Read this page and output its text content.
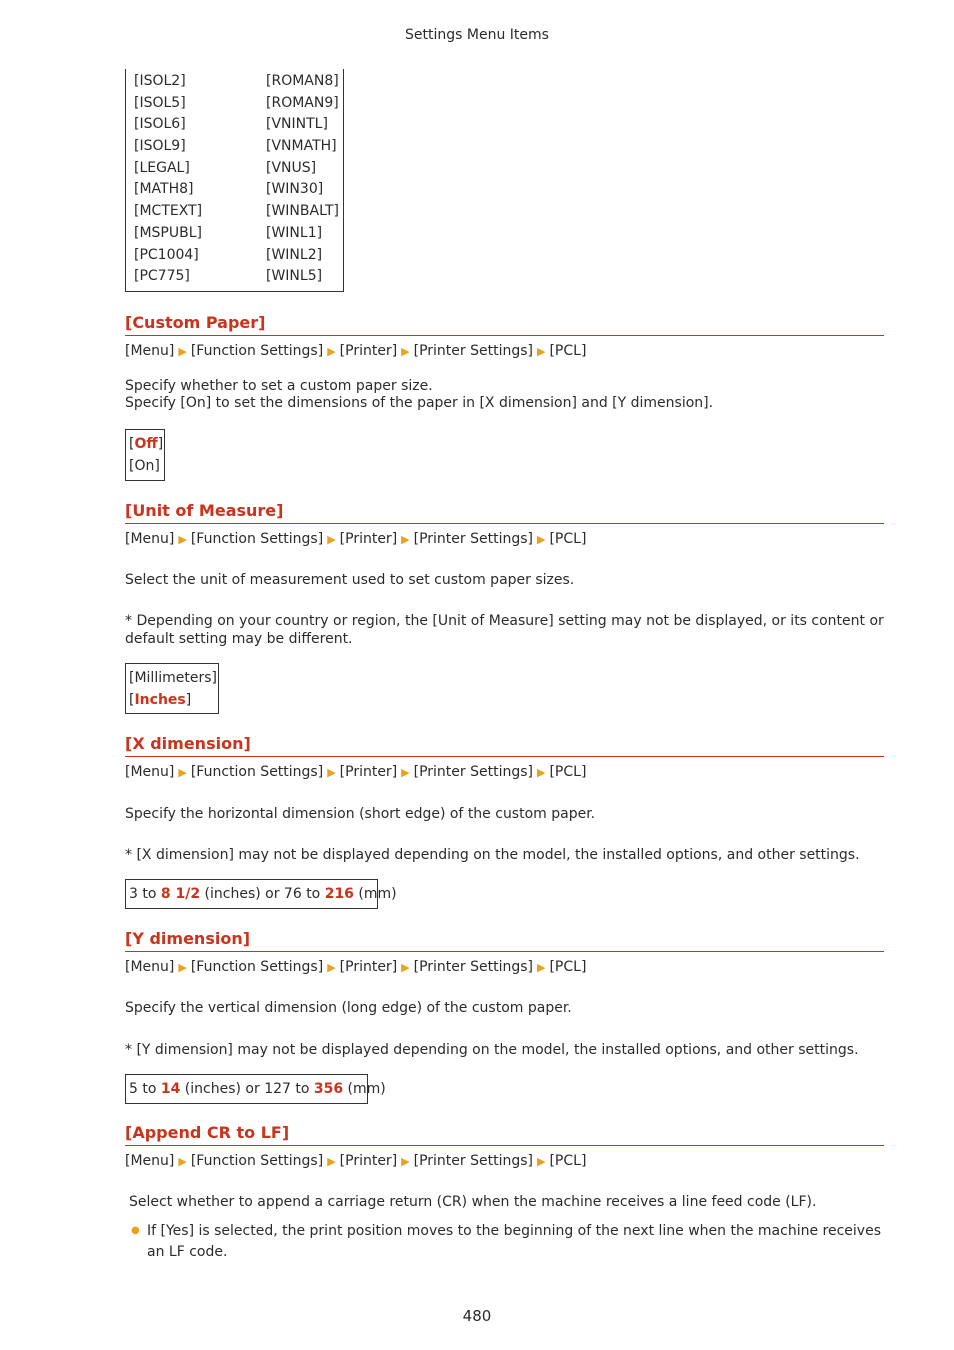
Settings Menu Items
[ISOL2]
[ISOL5]
[ISOL6]
[ISOL9]
[LEGAL]
[MATH8]
[MCTEXT]
[MSPUBL]
[PC1004]
[PC775]
[ROMAN8]
[ROMAN9]
[VNINTL]
[VNMATH]
[VNUS]
[WIN30]
[WINBALT]
[WINL1]
[WINL2]
[WINL5]
[Custom Paper]
[Menu] ▶ [Function Settings] ▶ [Printer] ▶ [Printer Settings] ▶ [PCL]
Specify whether to set a custom paper size.
Specify [On] to set the dimensions of the paper in [X dimension] and [Y dimension].
[Off]
[On]
[Unit of Measure]
[Menu] ▶ [Function Settings] ▶ [Printer] ▶ [Printer Settings] ▶ [PCL]
Select the unit of measurement used to set custom paper sizes.
* Depending on your country or region, the [Unit of Measure] setting may not be displayed, or its content or default setting may be different.
[Millimeters]
[Inches]
[X dimension]
[Menu] ▶ [Function Settings] ▶ [Printer] ▶ [Printer Settings] ▶ [PCL]
Specify the horizontal dimension (short edge) of the custom paper.
* [X dimension] may not be displayed depending on the model, the installed options, and other settings.
3 to 8 1/2 (inches) or 76 to 216 (mm)
[Y dimension]
[Menu] ▶ [Function Settings] ▶ [Printer] ▶ [Printer Settings] ▶ [PCL]
Specify the vertical dimension (long edge) of the custom paper.
* [Y dimension] may not be displayed depending on the model, the installed options, and other settings.
5 to 14 (inches) or 127 to 356 (mm)
[Append CR to LF]
[Menu] ▶ [Function Settings] ▶ [Printer] ▶ [Printer Settings] ▶ [PCL]
Select whether to append a carriage return (CR) when the machine receives a line feed code (LF).
● If [Yes] is selected, the print position moves to the beginning of the next line when the machine receives an LF code.
480
